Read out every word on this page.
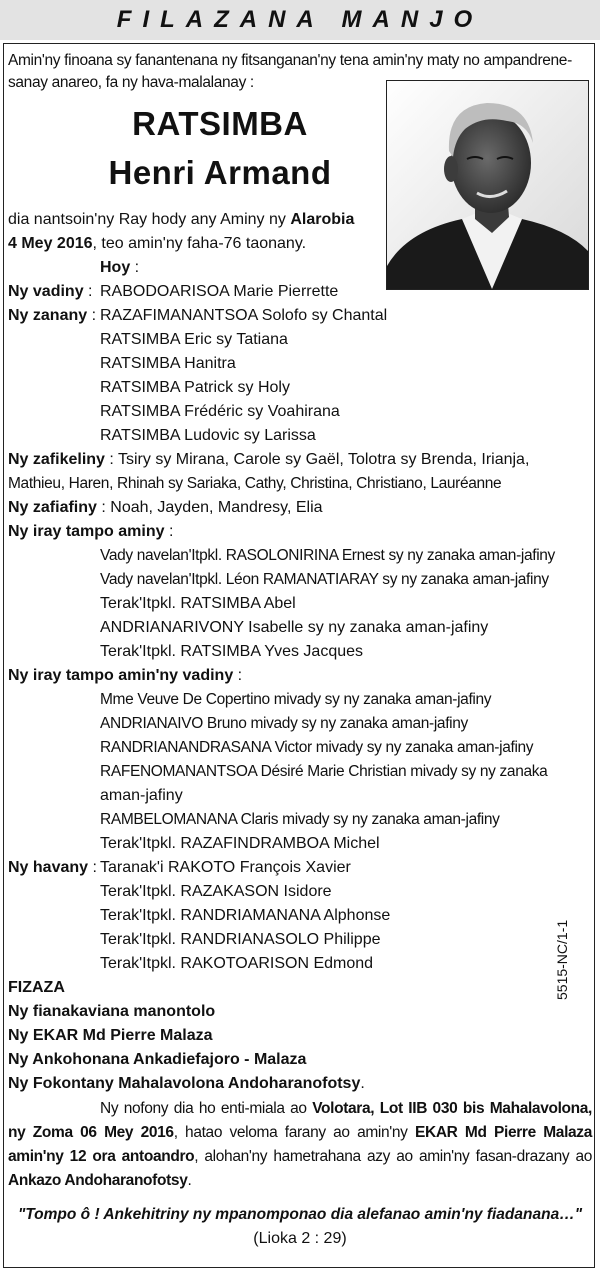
FILAZANA MANJO
Amin'ny finoana sy fanantenana ny fitsanganan'ny tena amin'ny maty no ampandrene-
sanay anareo, fa ny hava-malalanay :
RATSIMBA
Henri Armand
dia nantsoin'ny Ray hody any Aminy ny Alarobia
4 Mey 2016, teo amin'ny faha-76 taonany.
Hoy :
Ny vadiny : RABODOARISOA Marie Pierrette
Ny zanany : RAZAFIMANANTSOA Solofo sy Chantal
RATSIMBA Eric sy Tatiana
RATSIMBA Hanitra
RATSIMBA Patrick sy Holy
RATSIMBA Frédéric sy Voahirana
RATSIMBA Ludovic sy Larissa
Ny zafikeliny : Tsiry sy Mirana, Carole sy Gaël, Tolotra sy Brenda, Irianja,
Mathieu, Haren, Rhinah sy Sariaka, Cathy, Christina, Christiano, Lauréanne
Ny zafiafiny : Noah, Jayden, Mandresy, Elia
Ny iray tampo aminy :
Vady navelan'Itpkl. RASOLONIRINA Ernest sy ny zanaka aman-jafiny
Vady navelan'Itpkl. Léon RAMANATIARAY sy ny zanaka aman-jafiny
Terak'Itpkl. RATSIMBA Abel
ANDRIANARIVONY Isabelle sy ny zanaka aman-jafiny
Terak'Itpkl. RATSIMBA Yves Jacques
Ny iray tampo amin'ny vadiny :
Mme Veuve De Copertino mivady sy ny zanaka aman-jafiny
ANDRIANAIVO Bruno mivady sy ny zanaka aman-jafiny
RANDRIANANDRASANA Victor mivady sy ny zanaka aman-jafiny
RAFENOMANANTSOA Désiré Marie Christian mivady sy ny zanaka
aman-jafiny
RAMBELOMANANA Claris mivady sy ny zanaka aman-jafiny
Terak'Itpkl. RAZAFINDRAMBOA Michel
Ny havany : Taranak'i RAKOTO François Xavier
Terak'Itpkl. RAZAKASON Isidore
Terak'Itpkl. RANDRIAMANANA Alphonse
Terak'Itpkl. RANDRIANASOLO Philippe
Terak'Itpkl. RAKOTOARISON Edmond	5515-NC/1-1
FIZAZA
Ny fianakaviana manontolo
Ny EKAR Md Pierre Malaza
Ny Ankohonana Ankadiefajoro - Malaza
Ny Fokontany Mahalavolona Andoharanofotsy.
Ny nofony dia ho enti-miala ao Volotara, Lot IIB 030 bis Mahalavolona, ny Zoma 06 Mey 2016, hatao veloma farany ao amin'ny EKAR Md Pierre Malaza amin'ny 12 ora antoandro, alohan'ny hametrahana azy ao amin'ny fasan-drazany ao Ankazo Andoharanofotsy.
"Tompo ô ! Ankehitriny ny mpanomponao dia alefanao amin'ny fiadanana…"
(Lioka 2 : 29)
